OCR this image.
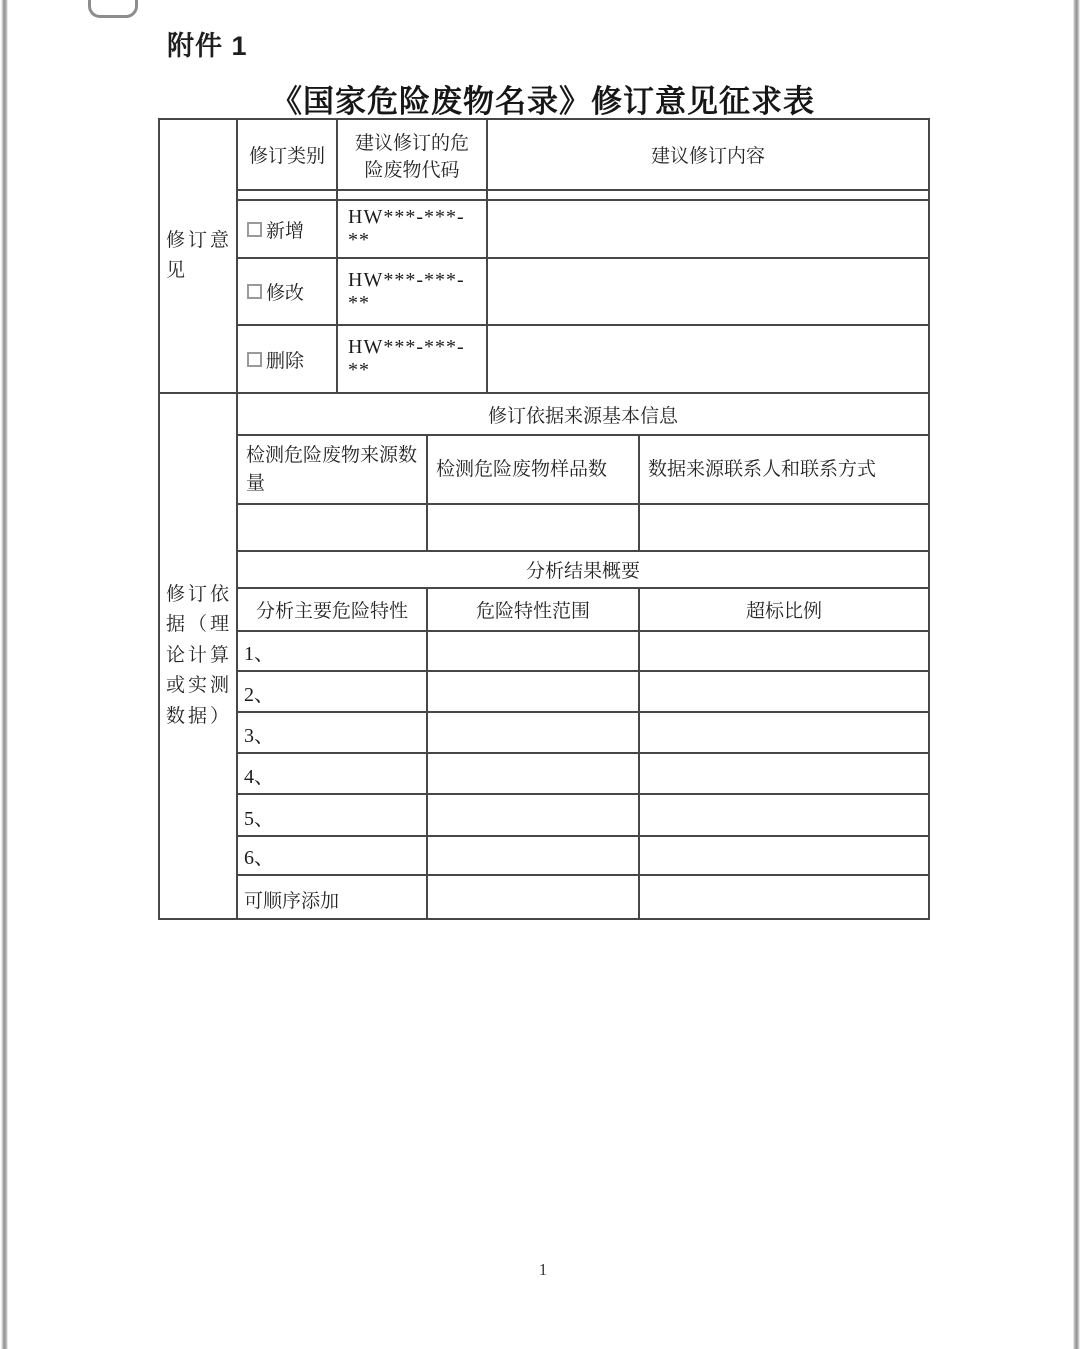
附件 1
《国家危险废物名录》修订意见征求表
修订意见	修订类别	建议修订的危险废物代码	建议修订内容

	新增	HW***-***-**	
	修改	HW***-***-**	
	删除	HW***-***-**	
修订依据（理论计算或实测数据）	修订依据来源基本信息		
	检测危险废物来源数量	检测危险废物样品数	数据来源联系人和联系方式

	分析结果概要		
	分析主要危险特性	危险特性范围	超标比例
	1、		
	2、		
	3、		
	4、		
	5、		
	6、		
	可顺序添加		
1
